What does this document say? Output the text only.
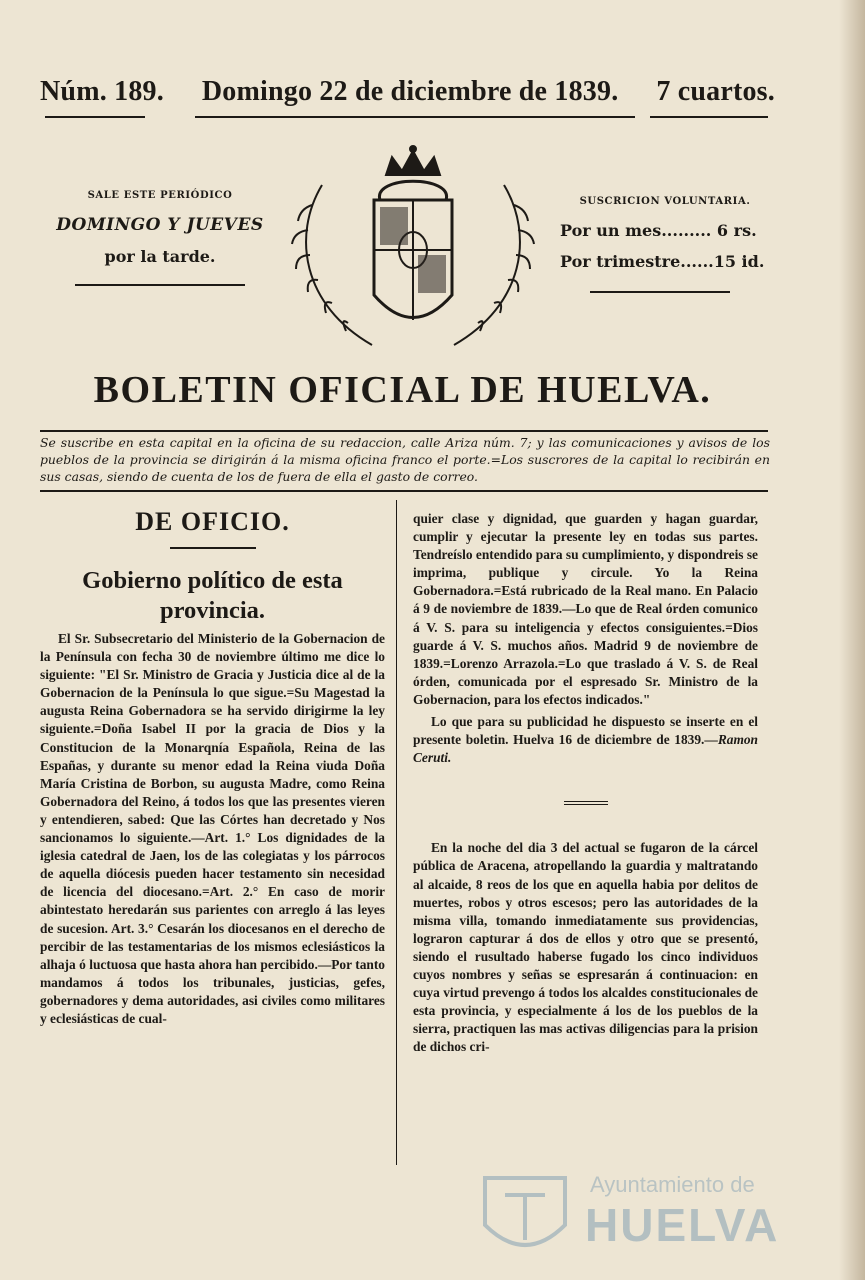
Núm. 189. Domingo 22 de diciembre de 1839. 7 cuartos.
SALE ESTE PERIÓDICO
DOMINGO Y JUEVES
por la tarde.
SUSCRICION VOLUNTARIA.
Por un mes......... 6 rs.
Por trimestre......15 id.
BOLETIN OFICIAL DE HUELVA.
Se suscribe en esta capital en la oficina de su redaccion, calle Ariza núm. 7; y las comunicaciones y avisos de los pueblos de la provincia se dirigirán á la misma oficina franco el porte.=Los suscrores de la capital lo recibirán en sus casas, siendo de cuenta de los de fuera de ella el gasto de correo.
DE OFICIO.
Gobierno político de esta provincia.
El Sr. Subsecretario del Ministerio de la Gobernacion de la Península con fecha 30 de noviembre último me dice lo siguiente: "El Sr. Ministro de Gracia y Justicia dice al de la Gobernacion de la Península lo que sigue.=Su Magestad la augusta Reina Gobernadora se ha servido dirigirme la ley siguiente.=Doña Isabel II por la gracia de Dios y la Constitucion de la Monarqnía Española, Reina de las Españas, y durante su menor edad la Reina viuda Doña María Cristina de Borbon, su augusta Madre, como Reina Gobernadora del Reino, á todos los que las presentes vieren y entendieren, sabed: Que las Córtes han decretado y Nos sancionamos lo siguiente.—Art. 1.° Los dignidades de la iglesia catedral de Jaen, los de las colegiatas y los párrocos de aquella diócesis pueden hacer testamento sin necesidad de licencia del diocesano.=Art. 2.° En caso de morir abintestato heredarán sus parientes con arreglo á las leyes de sucesion. Art. 3.° Cesarán los diocesanos en el derecho de percibir de las testamentarias de los mismos eclesiásticos la alhaja ó luctuosa que hasta ahora han percibido.—Por tanto mandamos á todos los tribunales, justicias, gefes, gobernadores y dema autoridades, asi civiles como militares y eclesiásticas de cual-
quier clase y dignidad, que guarden y hagan guardar, cumplir y ejecutar la presente ley en todas sus partes. Tendreíslo entendido para su cumplimiento, y dispondreis se imprima, publique y circule. Yo la Reina Gobernadora.=Está rubricado de la Real mano. En Palacio á 9 de noviembre de 1839.—Lo que de Real órden comunico á V. S. para su inteligencia y efectos consiguientes.=Dios guarde á V. S. muchos años. Madrid 9 de noviembre de 1839.=Lorenzo Arrazola.=Lo que traslado á V. S. de Real órden, comunicada por el espresado Sr. Ministro de la Gobernacion, para los efectos indicados."
Lo que para su publicidad he dispuesto se inserte en el presente boletin. Huelva 16 de diciembre de 1839.—Ramon Ceruti.
En la noche del dia 3 del actual se fugaron de la cárcel pública de Aracena, atropellando la guardia y maltratando al alcaide, 8 reos de los que en aquella habia por delitos de muertes, robos y otros escesos; pero las autoridades de la misma villa, tomando inmediatamente sus providencias, lograron capturar á dos de ellos y otro que se presentó, siendo el rusultado haberse fugado los cinco individuos cuyos nombres y señas se espresarán á continuacion: en cuya virtud prevengo á todos los alcaldes constitucionales de esta provincia, y especialmente á los de los pueblos de la sierra, practiquen las mas activas diligencias para la prision de dichos cri-
Ayuntamiento de
HUELVA
